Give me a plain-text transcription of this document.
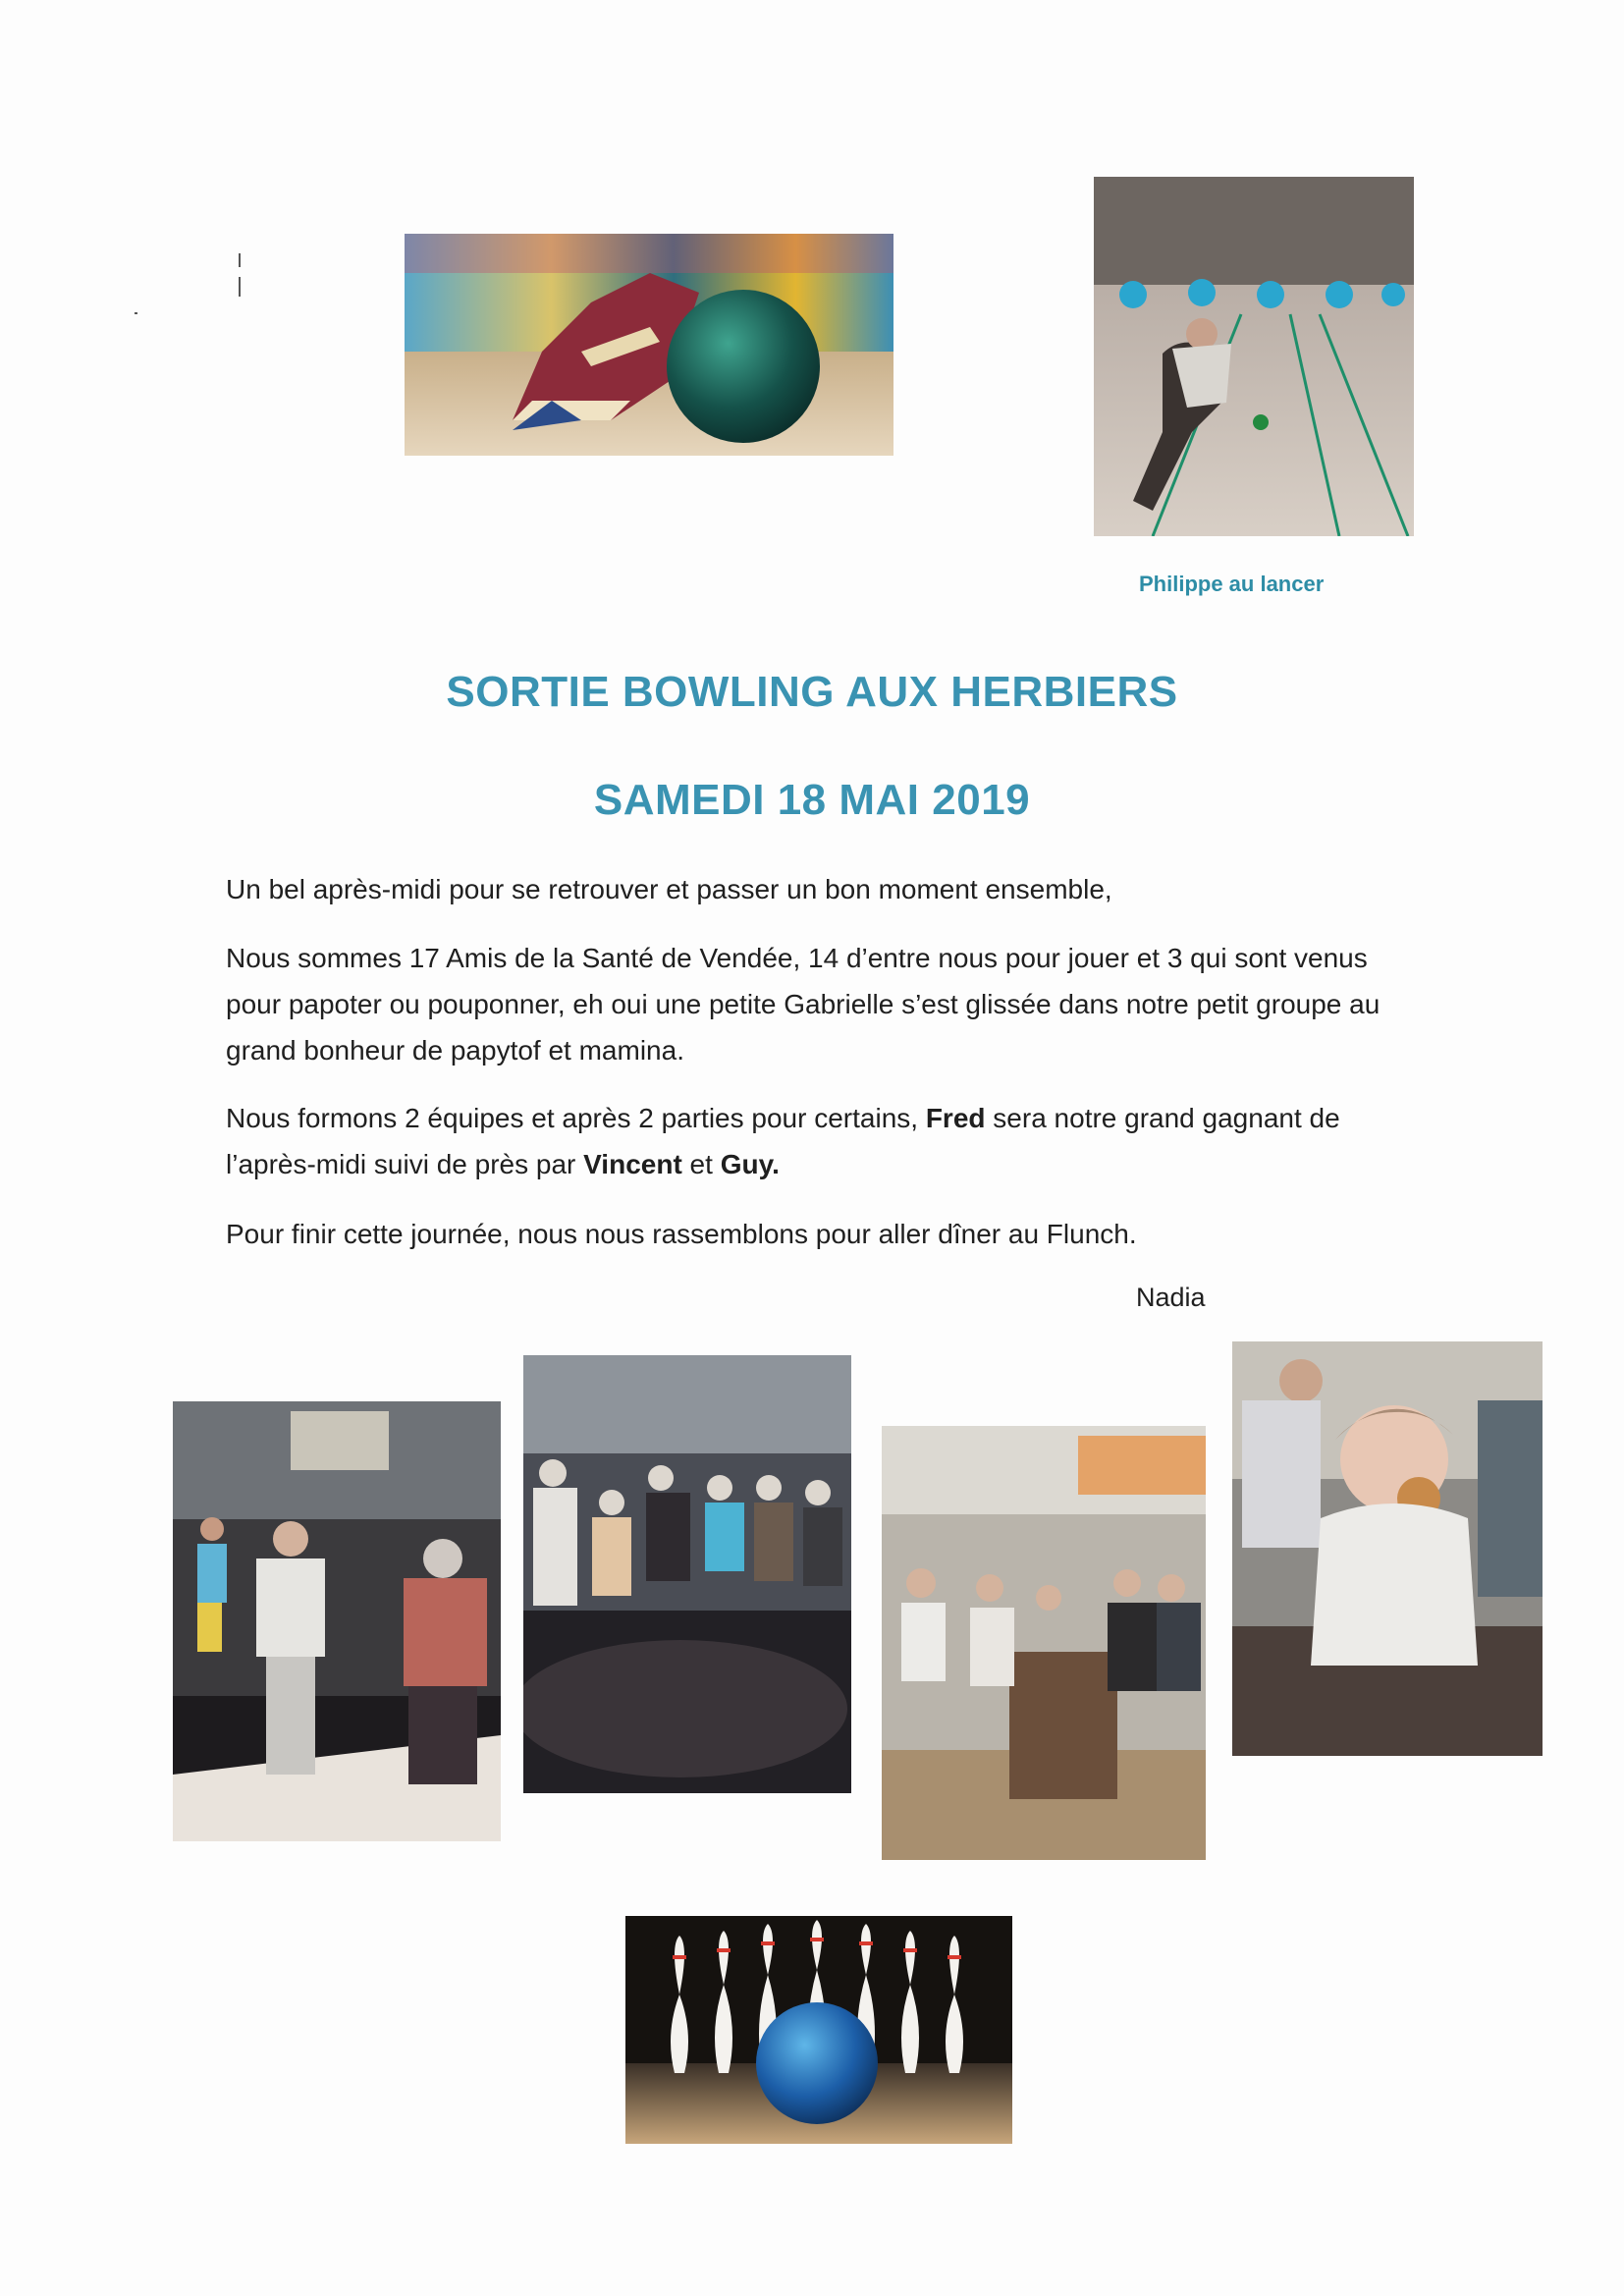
Philippe au lancer
SORTIE BOWLING AUX HERBIERS
SAMEDI 18 MAI 2019
Un bel après-midi pour se retrouver et passer un bon moment ensemble,
Nous sommes 17 Amis de la Santé de Vendée, 14 d’entre nous pour jouer et 3 qui sont venus pour papoter ou pouponner, eh oui une petite Gabrielle s’est glissée dans notre petit groupe au grand bonheur de papytof et mamina.
Nous formons 2 équipes et après 2 parties pour certains, Fred sera notre grand gagnant de l’après-midi suivi de près par Vincent et Guy.
Pour finir cette journée, nous nous rassemblons pour aller dîner au Flunch.
Nadia
